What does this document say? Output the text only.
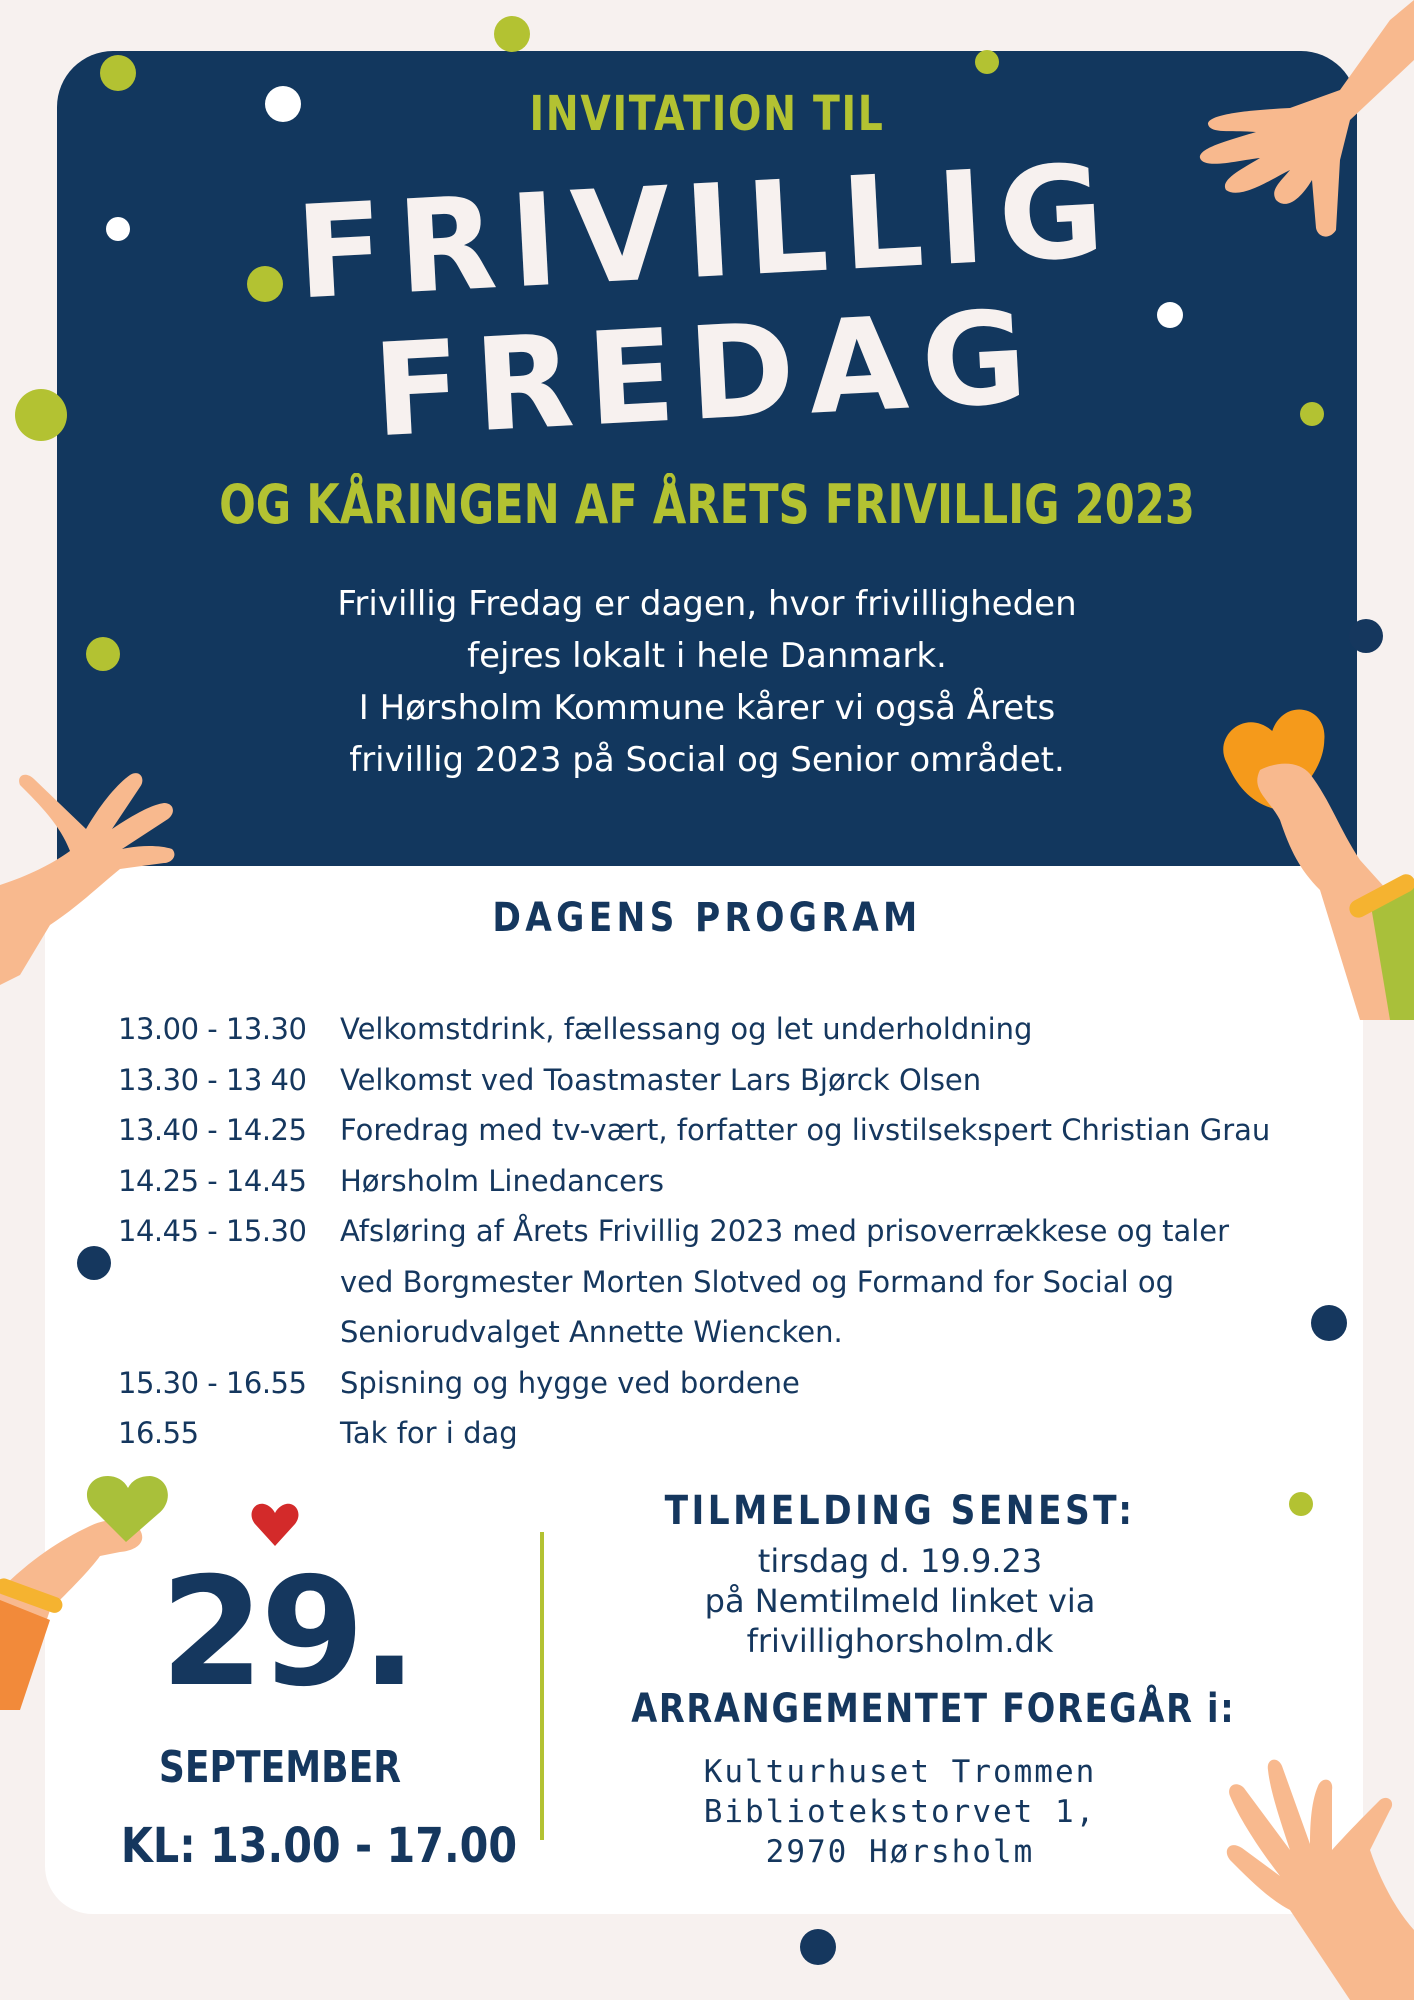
INVITATION TIL
FRIVILLIG
FREDAG
OG KÅRINGEN AF ÅRETS FRIVILLIG 2023
Frivillig Fredag er dagen, hvor frivilligheden
fejres lokalt i hele Danmark.
I Hørsholm Kommune kårer vi også Årets
frivillig 2023 på Social og Senior området.
DAGENS PROGRAM
13.00 - 13.30	Velkomstdrink, fællessang og let underholdning
13.30 - 13 40	Velkomst ved Toastmaster Lars Bjørck Olsen
13.40 - 14.25	Foredrag med tv-vært, forfatter og livstilsekspert Christian Grau
14.25 - 14.45	Hørsholm Linedancers
14.45 - 15.30	Afsløring af Årets Frivillig 2023 med prisoverrækkese og taler
ved Borgmester Morten Slotved og Formand for Social og
Seniorudvalget Annette Wiencken.
15.30 - 16.55	Spisning og hygge ved bordene
16.55	Tak for i dag
29.
SEPTEMBER
KL: 13.00 - 17.00
TILMELDING SENEST:
tirsdag d. 19.9.23
på Nemtilmeld linket via
frivillighorsholm.dk
ARRANGEMENTET FOREGÅR i:
Kulturhuset Trommen
Bibliotekstorvet 1,
2970 Hørsholm
